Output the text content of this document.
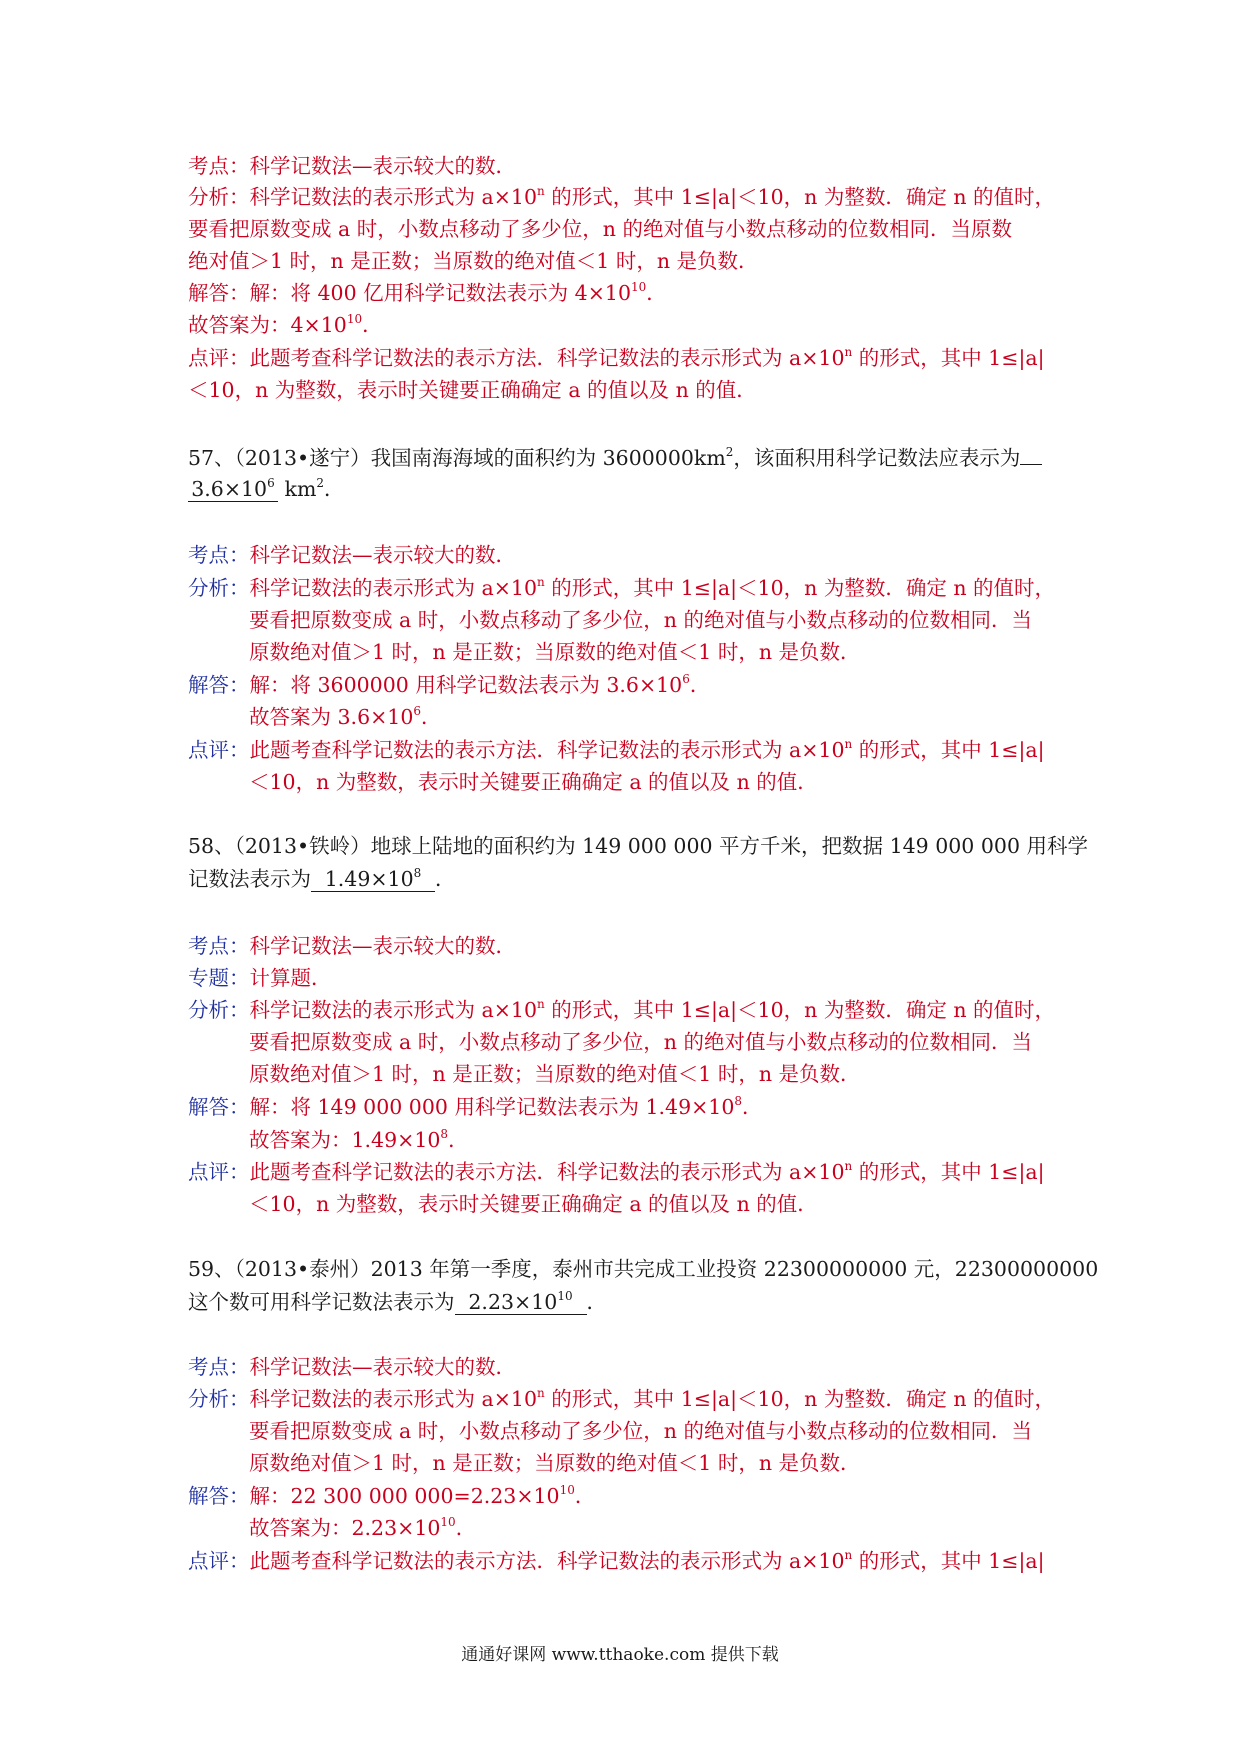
考点：科学记数法—表示较大的数．
分析：科学记数法的表示形式为 $a\times 10^n$ 的形式，其中 1≤|a|＜10，n 为整数．确定 n 的值时，
要看把原数变成 a 时，小数点移动了多少位，n 的绝对值与小数点移动的位数相同．当原数
绝对值＞1 时，n 是正数；当原数的绝对值＜1 时，n 是负数．
解答：解：将 400 亿用科学记数法表示为 $4\times 10^{10}$．
故答案为：$4\times 10^{10}$．
点评：此题考查科学记数法的表示方法．科学记数法的表示形式为 $a\times 10^n$ 的形式，其中 1≤|a|
＜10，n 为整数，表示时关键要正确确定 a 的值以及 n 的值．
57、（2013•遂宁）我国南海海域的面积约为 $3600000km^2$，该面积用科学记数法应表示为
$3.6\times 10^6$ $km^2$．
考点：科学记数法—表示较大的数．
分析：科学记数法的表示形式为 $a\times 10^n$ 的形式，其中 1≤|a|＜10，n 为整数．确定 n 的值时，
要看把原数变成 a 时，小数点移动了多少位，n 的绝对值与小数点移动的位数相同．当
原数绝对值＞1 时，n 是正数；当原数的绝对值＜1 时，n 是负数．
解答：解：将 3600000 用科学记数法表示为 $3.6\times 10^6$．
故答案为 $3.6\times 10^6$．
点评：此题考查科学记数法的表示方法．科学记数法的表示形式为 $a\times 10^n$ 的形式，其中 1≤|a|
＜10，n 为整数，表示时关键要正确确定 a 的值以及 n 的值．
58、（2013•铁岭）地球上陆地的面积约为 149 000 000 平方千米，把数据 149 000 000 用科学
记数法表示为 $1.49\times 10^8$ ．
考点：科学记数法—表示较大的数．
专题：计算题．
分析：科学记数法的表示形式为 $a\times 10^n$ 的形式，其中 1≤|a|＜10，n 为整数．确定 n 的值时，
要看把原数变成 a 时，小数点移动了多少位，n 的绝对值与小数点移动的位数相同．当
原数绝对值＞1 时，n 是正数；当原数的绝对值＜1 时，n 是负数．
解答：解：将 149 000 000 用科学记数法表示为 $1.49\times 10^8$．
故答案为：$1.49\times 10^8$．
点评：此题考查科学记数法的表示方法．科学记数法的表示形式为 $a\times 10^n$ 的形式，其中 1≤|a|
＜10，n 为整数，表示时关键要正确确定 a 的值以及 n 的值．
59、（2013•泰州）2013 年第一季度，泰州市共完成工业投资 22300000000 元，22300000000
这个数可用科学记数法表示为 $2.23\times 10^{10}$ ．
考点：科学记数法—表示较大的数．
分析：科学记数法的表示形式为 $a\times 10^n$ 的形式，其中 1≤|a|＜10，n 为整数．确定 n 的值时，
要看把原数变成 a 时，小数点移动了多少位，n 的绝对值与小数点移动的位数相同．当
原数绝对值＞1 时，n 是正数；当原数的绝对值＜1 时，n 是负数．
解答：解：22 300 000 $000=2.23\times 10^{10}$．
故答案为：$2.23\times 10^{10}$．
点评：此题考查科学记数法的表示方法．科学记数法的表示形式为 $a\times 10^n$ 的形式，其中 1≤|a|
通通好课网 www.tthaoke.com 提供下载
